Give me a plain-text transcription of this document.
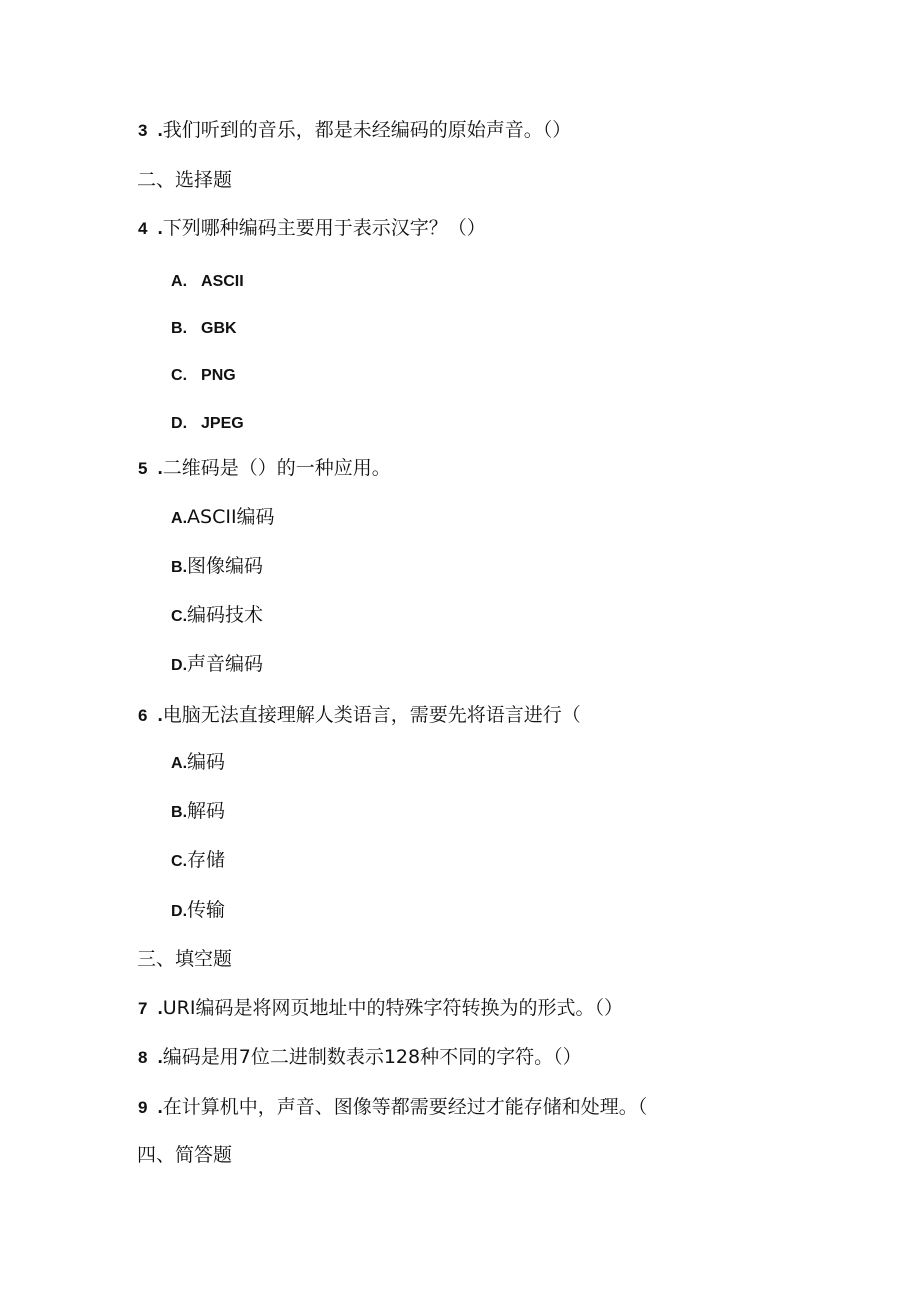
3 .我们听到的音乐，都是未经编码的原始声音。（）
二、选择题
4 .下列哪种编码主要用于表示汉字？（）
A. ASCII
B. GBK
C. PNG
D. JPEG
5 .二维码是（）的一种应用。
A.ASCII编码
B.图像编码
C.编码技术
D.声音编码
6 .电脑无法直接理解人类语言，需要先将语言进行（
A.编码
B.解码
C.存储
D.传输
三、填空题
7 .URI编码是将网页地址中的特殊字符转换为的形式。（）
8 .编码是用7位二进制数表示128种不同的字符。（）
9 .在计算机中，声音、图像等都需要经过才能存储和处理。（
四、简答题
